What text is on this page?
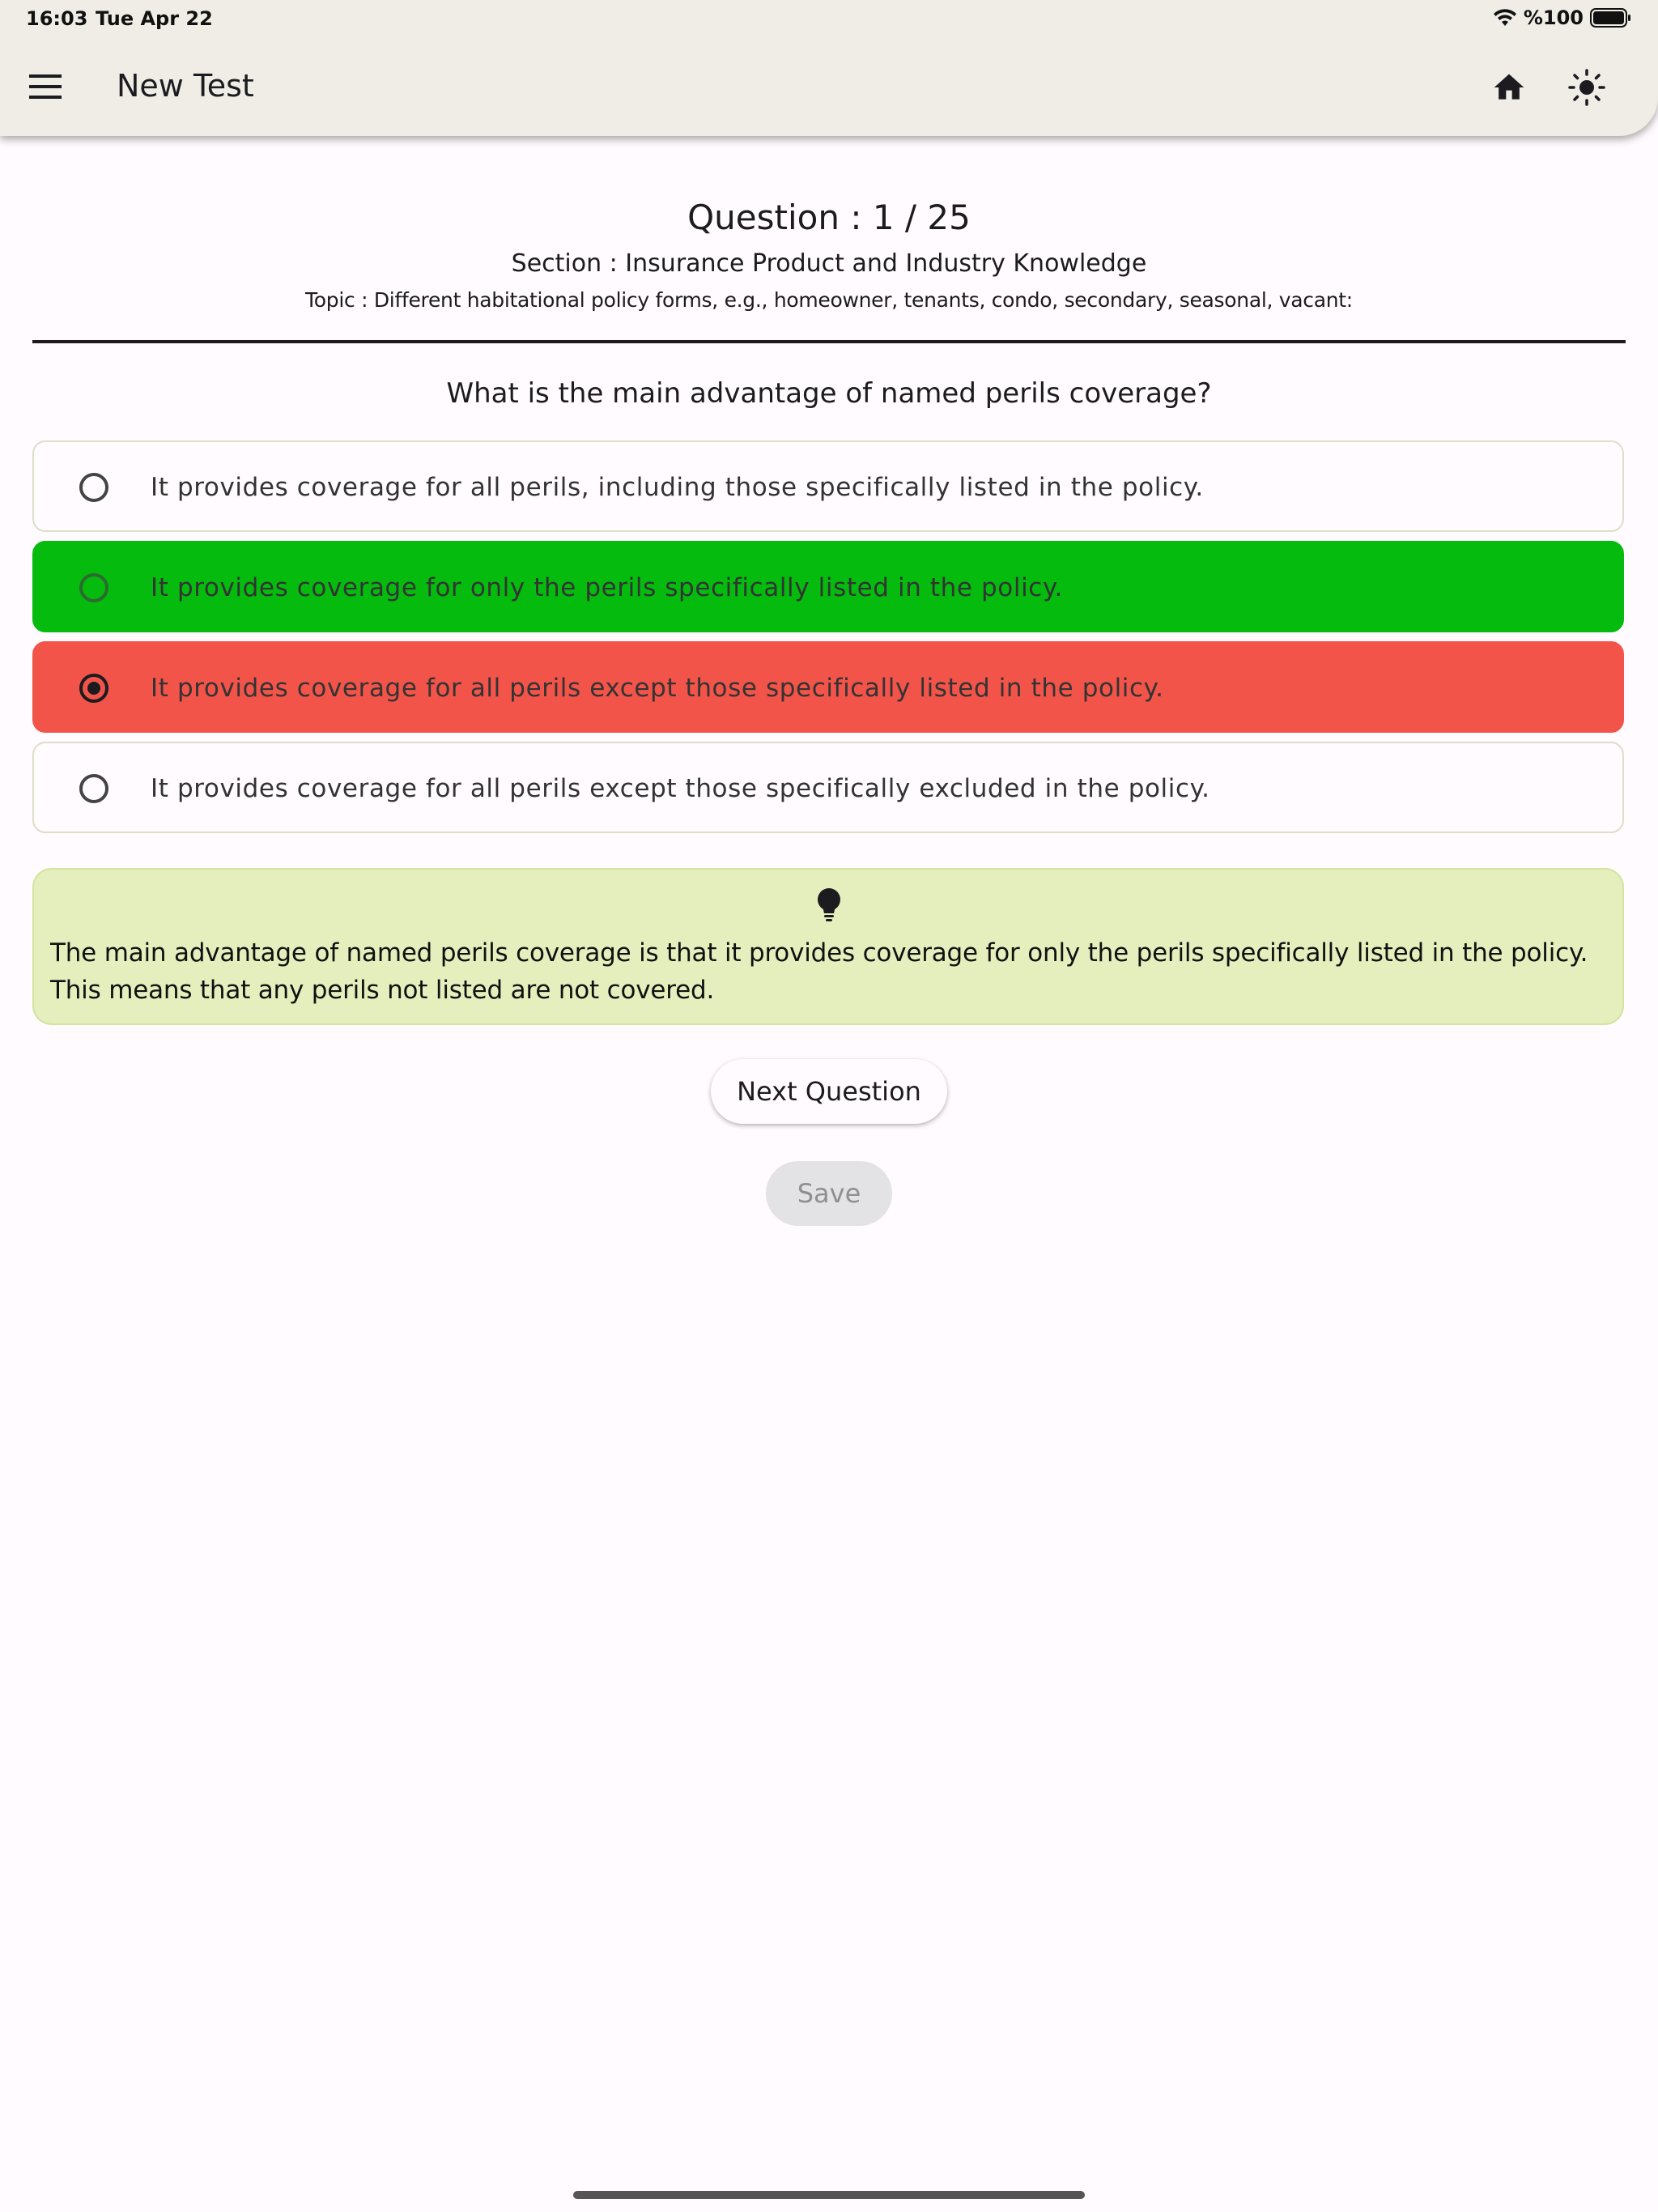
New Test
16:03 Tue Apr 22	%100
Question : 1 / 25
Section : Insurance Product and Industry Knowledge
Topic : Different habitational policy forms, e.g., homeowner, tenants, condo, secondary, seasonal, vacant:
What is the main advantage of named perils coverage?
It provides coverage for all perils, including those specifically listed in the policy.
It provides coverage for only the perils specifically listed in the policy.
It provides coverage for all perils except those specifically listed in the policy.
It provides coverage for all perils except those specifically excluded in the policy.
The main advantage of named perils coverage is that it provides coverage for only the perils specifically listed in the policy. This means that any perils not listed are not covered.
Next Question
Save
